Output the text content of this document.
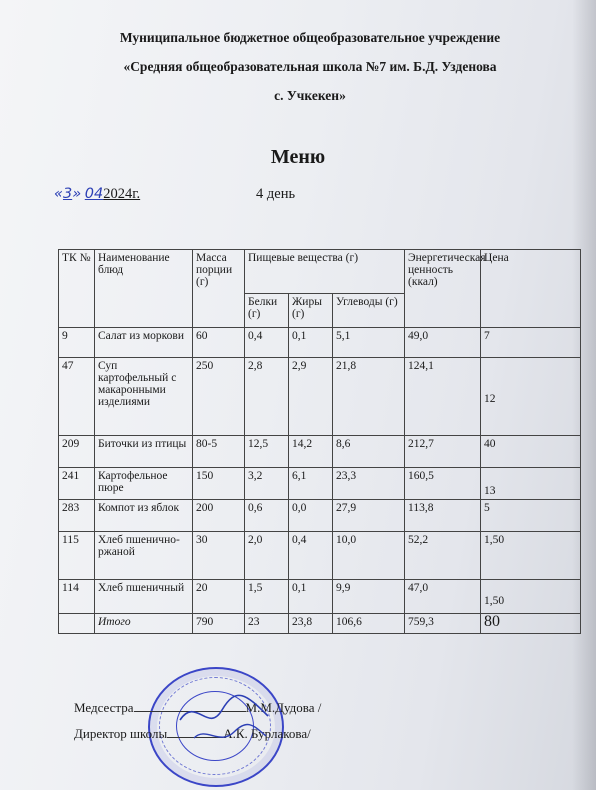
Муниципальное бюджетное общеобразовательное учреждение
«Средняя общеобразовательная школа №7 им. Б.Д. Узденова
с. Учкекен»
Меню
«3» 042024г.	4 день
ТК №	Наименование блюд	Масса порции (г)	Пищевые вещества (г)			Энергетическая ценность (ккал)	Цена
			Белки (г)	Жиры (г)	Углеводы (г)		
9	Салат из моркови	60	0,4	0,1	5,1	49,0	7
47	Суп картофельный с макаронными изделиями	250	2,8	2,9	21,8	124,1	12
209	Биточки из птицы	80-5	12,5	14,2	8,6	212,7	40
241	Картофельное пюре	150	3,2	6,1	23,3	160,5	13
283	Компот из яблок	200	0,6	0,0	27,9	113,8	5
115	Хлеб пшенично-ржаной	30	2,0	0,4	10,0	52,2	1,50
114	Хлеб пшеничный	20	1,5	0,1	9,9	47,0	1,50
	Итого	790	23	23,8	106,6	759,3	80
Медсестра	М.М.Дудова /
Директор школы	А.К. Бурлакова/
